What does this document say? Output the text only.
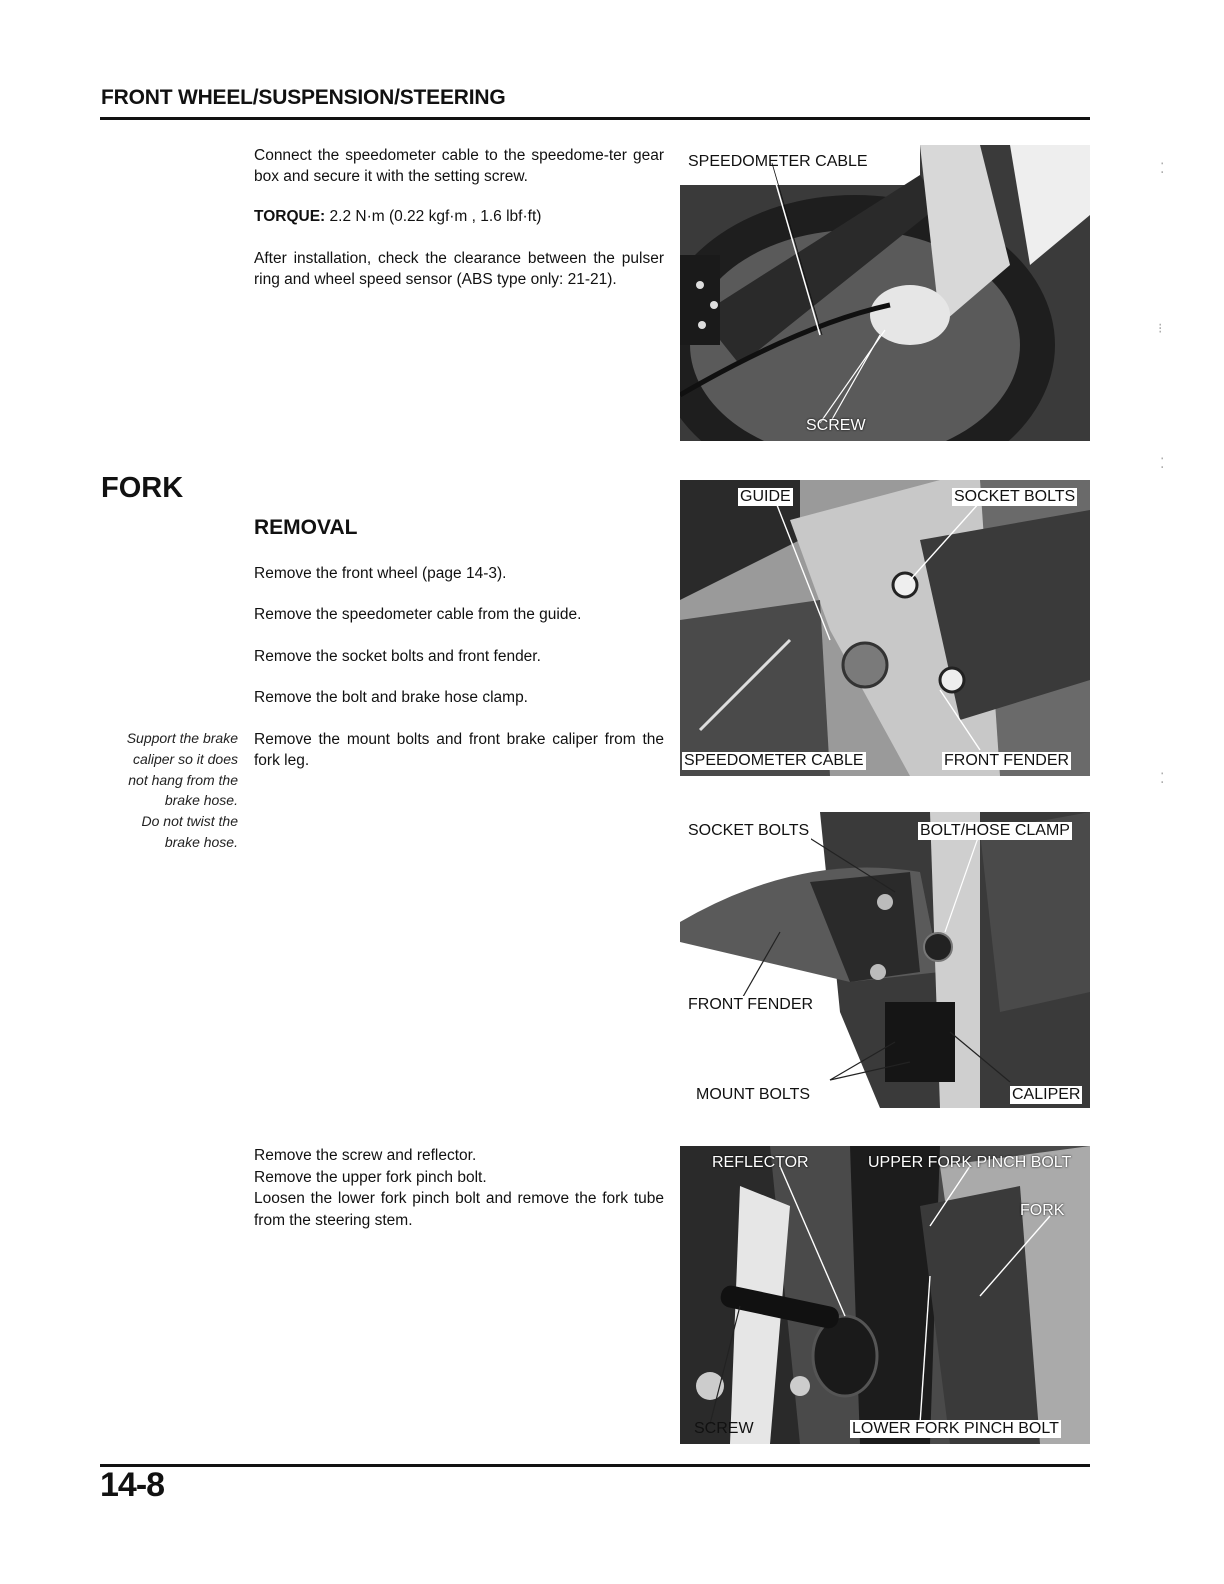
FRONT WHEEL/SUSPENSION/STEERING
Connect the speedometer cable to the speedome-ter gear box and secure it with the setting screw.
TORQUE: 2.2 N·m (0.22 kgf·m , 1.6 lbf·ft)
After installation, check the clearance between the pulser ring and wheel speed sensor (ABS type only: 21-21).
FORK
REMOVAL
Remove the front wheel (page 14-3).
Remove the speedometer cable from the guide.
Remove the socket bolts and front fender.
Remove the bolt and brake hose clamp.
Remove the mount bolts and front brake caliper from the fork leg.
Support the brake
caliper so it does
not hang from the
brake hose.
Do not twist the
brake hose.
Remove the screw and reflector.
Remove the upper fork pinch bolt.
Loosen the lower fork pinch bolt and remove the fork tube from the steering stem.
SPEEDOMETER CABLE
SCREW
GUIDE	SOCKET BOLTS
SPEEDOMETER CABLE	FRONT FENDER
SOCKET BOLTS	BOLT/HOSE CLAMP
FRONT FENDER
MOUNT BOLTS	CALIPER
REFLECTOR	UPPER FORK PINCH BOLT
FORK
SCREW	LOWER FORK PINCH BOLT
⁚
⁝
⁚
⁚
14-8
